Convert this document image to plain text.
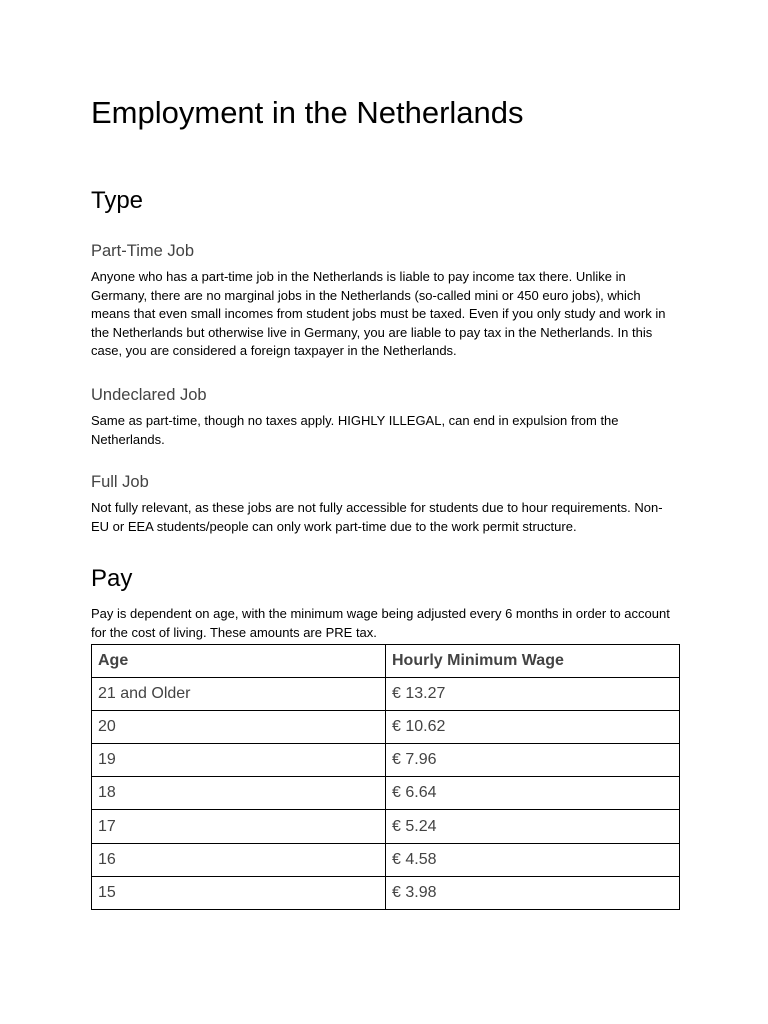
Employment in the Netherlands
Type
Part-Time Job

Anyone who has a part-time job in the Netherlands is liable to pay income tax there. Unlike in Germany, there are no marginal jobs in the Netherlands (so-called mini or 450 euro jobs), which means that even small incomes from student jobs must be taxed. Even if you only study and work in the Netherlands but otherwise live in Germany, you are liable to pay tax in the Netherlands. In this case, you are considered a foreign taxpayer in the Netherlands.

Undeclared Job

Same as part-time, though no taxes apply. HIGHLY ILLEGAL, can end in expulsion from the Netherlands.

Full Job

Not fully relevant, as these jobs are not fully accessible for students due to hour requirements. Non-EU or EEA students/people can only work part-time due to the work permit structure.

Pay

Pay is dependent on age, with the minimum wage being adjusted every 6 months in order to account for the cost of living. These amounts are PRE tax.

Age	Hourly Minimum Wage
21 and Older	€ 13.27
20	€ 10.62
19	€ 7.96
18	€ 6.64
17	€ 5.24
16	€ 4.58
15	€ 3.98
